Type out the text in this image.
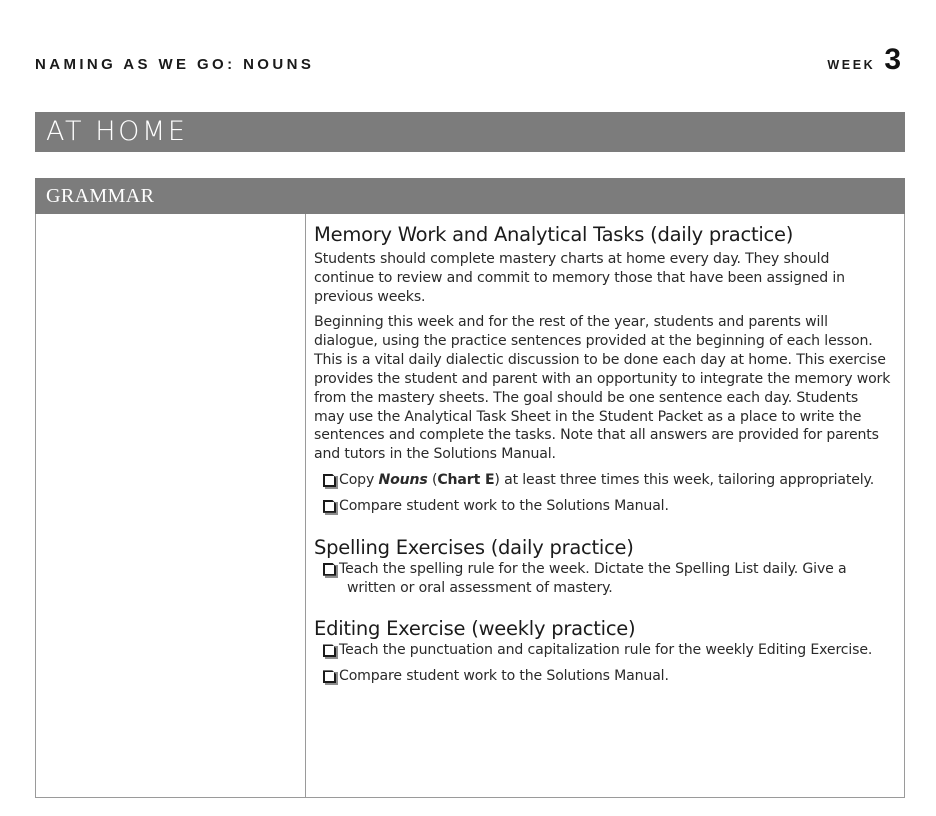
NAMING AS WE GO: NOUNS	WEEK 3
AT HOME
GRAMMAR
Memory Work and Analytical Tasks (daily practice)

Students should complete mastery charts at home every day. They should continue to review and commit to memory those that have been assigned in previous weeks.

Beginning this week and for the rest of the year, students and parents will dialogue, using the practice sentences provided at the beginning of each lesson. This is a vital daily dialectic discussion to be done each day at home. This exercise provides the student and parent with an opportunity to integrate the memory work from the mastery sheets. The goal should be one sentence each day. Students may use the Analytical Task Sheet in the Student Packet as a place to write the sentences and complete the tasks. Note that all answers are provided for parents and tutors in the Solutions Manual.

Copy Nouns (Chart E) at least three times this week, tailoring appropriately.
Compare student work to the Solutions Manual.
Spelling Exercises (daily practice)
Teach the spelling rule for the week. Dictate the Spelling List daily. Give a written or oral assessment of mastery.
Editing Exercise (weekly practice)
Teach the punctuation and capitalization rule for the weekly Editing Exercise.
Compare student work to the Solutions Manual.
